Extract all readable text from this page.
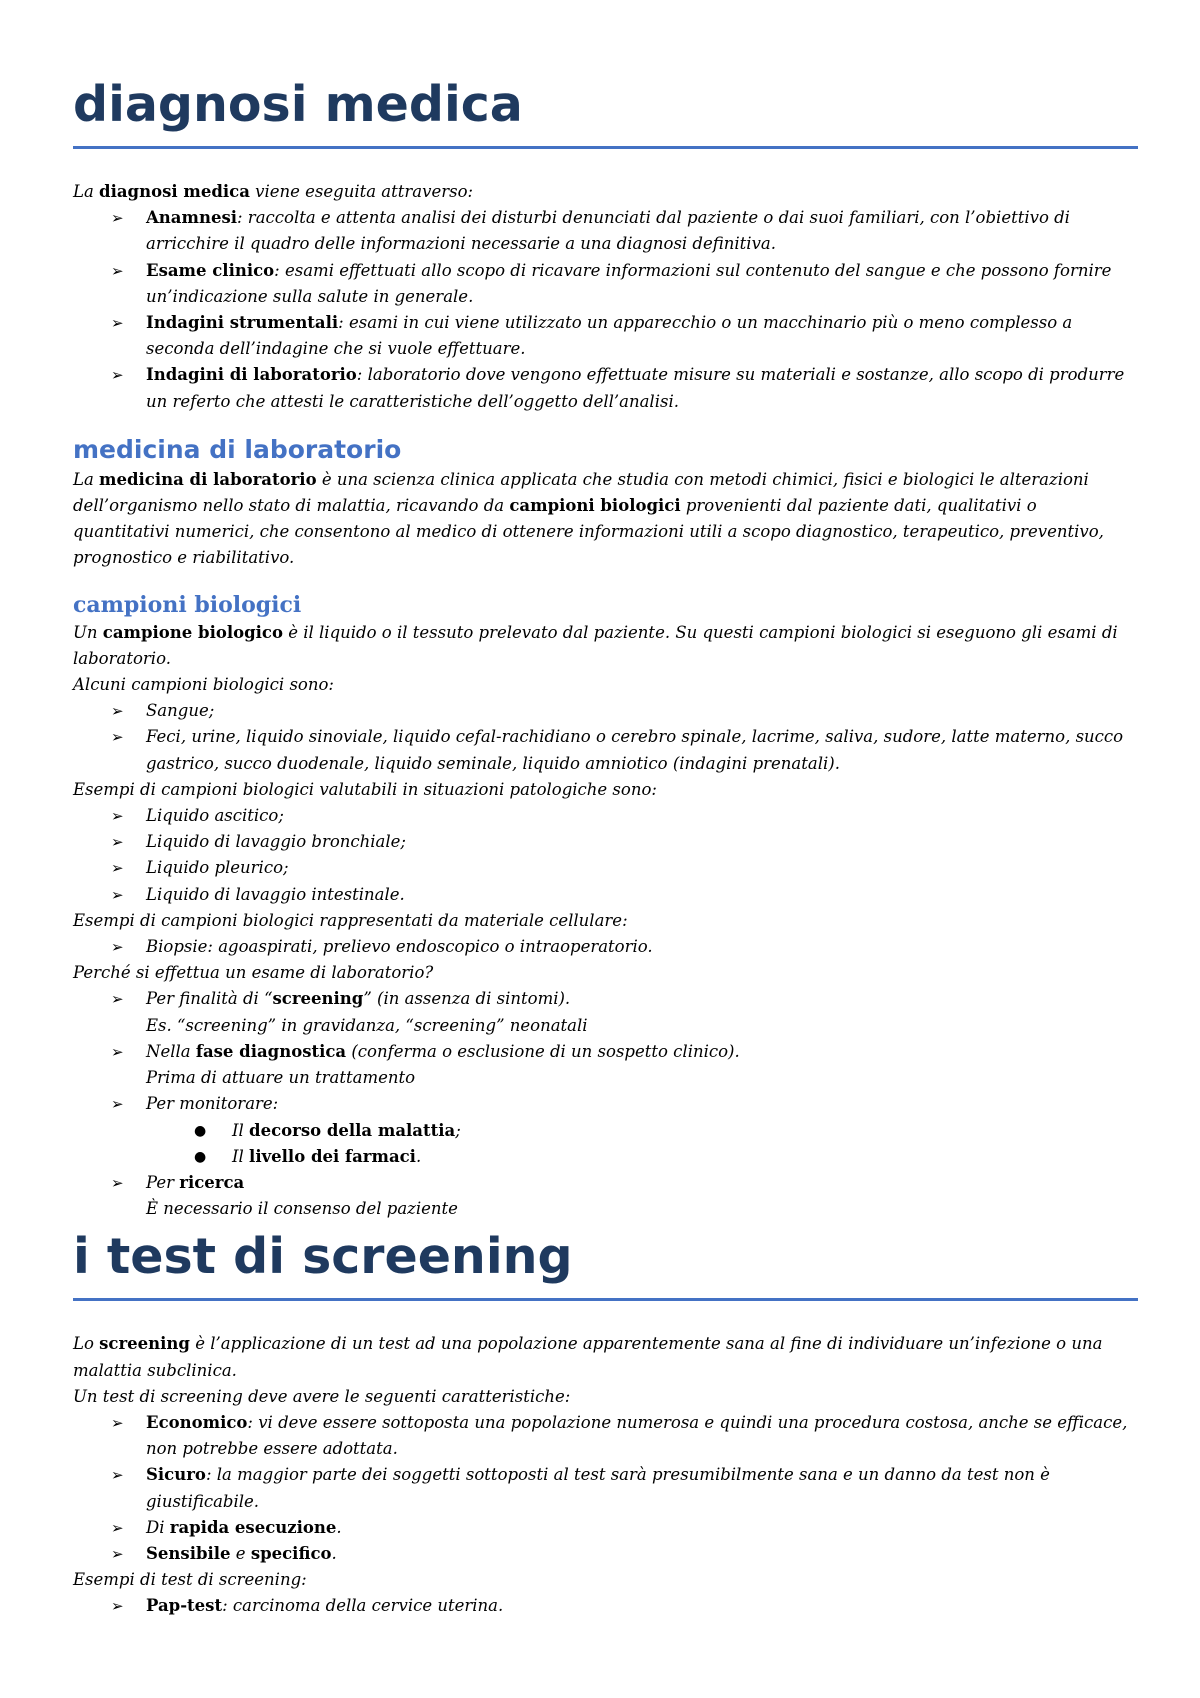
diagnosi medica
La diagnosi medica viene eseguita attraverso:
➢ Anamnesi: raccolta e attenta analisi dei disturbi denunciati dal paziente o dai suoi familiari, con l’obiettivo di arricchire il quadro delle informazioni necessarie a una diagnosi definitiva.
➢ Esame clinico: esami effettuati allo scopo di ricavare informazioni sul contenuto del sangue e che possono fornire un’indicazione sulla salute in generale.
➢ Indagini strumentali: esami in cui viene utilizzato un apparecchio o un macchinario più o meno complesso a seconda dell’indagine che si vuole effettuare.
➢ Indagini di laboratorio: laboratorio dove vengono effettuate misure su materiali e sostanze, allo scopo di produrre un referto che attesti le caratteristiche dell’oggetto dell’analisi.
medicina di laboratorio
La medicina di laboratorio è una scienza clinica applicata che studia con metodi chimici, fisici e biologici le alterazioni dell’organismo nello stato di malattia, ricavando da campioni biologici provenienti dal paziente dati, qualitativi o quantitativi numerici, che consentono al medico di ottenere informazioni utili a scopo diagnostico, terapeutico, preventivo, prognostico e riabilitativo.
campioni biologici
Un campione biologico è il liquido o il tessuto prelevato dal paziente. Su questi campioni biologici si eseguono gli esami di laboratorio.
Alcuni campioni biologici sono:
➢ Sangue;
➢ Feci, urine, liquido sinoviale, liquido cefal-rachidiano o cerebro spinale, lacrime, saliva, sudore, latte materno, succo gastrico, succo duodenale, liquido seminale, liquido amniotico (indagini prenatali).
Esempi di campioni biologici valutabili in situazioni patologiche sono:
➢ Liquido ascitico;
➢ Liquido di lavaggio bronchiale;
➢ Liquido pleurico;
➢ Liquido di lavaggio intestinale.
Esempi di campioni biologici rappresentati da materiale cellulare:
➢ Biopsie: agoaspirati, prelievo endoscopico o intraoperatorio.
Perché si effettua un esame di laboratorio?
➢ Per finalità di “screening” (in assenza di sintomi).
Es. “screening” in gravidanza, “screening” neonatali
➢ Nella fase diagnostica (conferma o esclusione di un sospetto clinico).
Prima di attuare un trattamento
➢ Per monitorare:
● Il decorso della malattia;
● Il livello dei farmaci.
➢ Per ricerca
È necessario il consenso del paziente
i test di screening
Lo screening è l’applicazione di un test ad una popolazione apparentemente sana al fine di individuare un’infezione o una malattia subclinica.
Un test di screening deve avere le seguenti caratteristiche:
➢ Economico: vi deve essere sottoposta una popolazione numerosa e quindi una procedura costosa, anche se efficace, non potrebbe essere adottata.
➢ Sicuro: la maggior parte dei soggetti sottoposti al test sarà presumibilmente sana e un danno da test non è giustificabile.
➢ Di rapida esecuzione.
➢ Sensibile e specifico.
Esempi di test di screening:
➢ Pap-test: carcinoma della cervice uterina.
